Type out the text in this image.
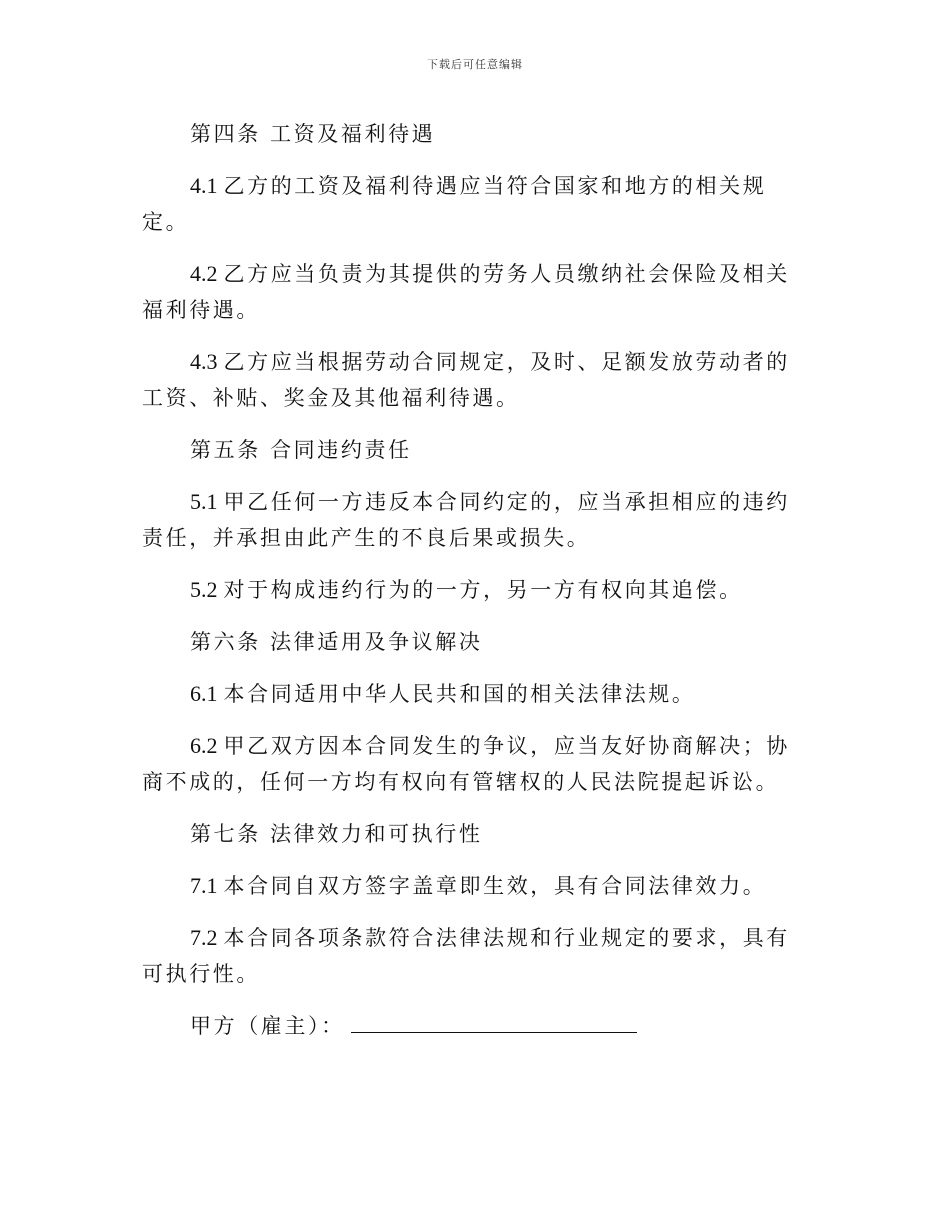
下载后可任意编辑

第四条 工资及福利待遇

4.1 乙方的工资及福利待遇应当符合国家和地方的相关规定。

4.2 乙方应当负责为其提供的劳务人员缴纳社会保险及相关福利待遇。

4.3 乙方应当根据劳动合同规定，及时、足额发放劳动者的工资、补贴、奖金及其他福利待遇。

第五条 合同违约责任

5.1 甲乙任何一方违反本合同约定的，应当承担相应的违约责任，并承担由此产生的不良后果或损失。

5.2 对于构成违约行为的一方，另一方有权向其追偿。

第六条 法律适用及争议解决

6.1 本合同适用中华人民共和国的相关法律法规。

6.2 甲乙双方因本合同发生的争议，应当友好协商解决；协商不成的，任何一方均有权向有管辖权的人民法院提起诉讼。

第七条 法律效力和可执行性

7.1 本合同自双方签字盖章即生效，具有合同法律效力。

7.2 本合同各项条款符合法律法规和行业规定的要求，具有可执行性。

甲方（雇主）：
